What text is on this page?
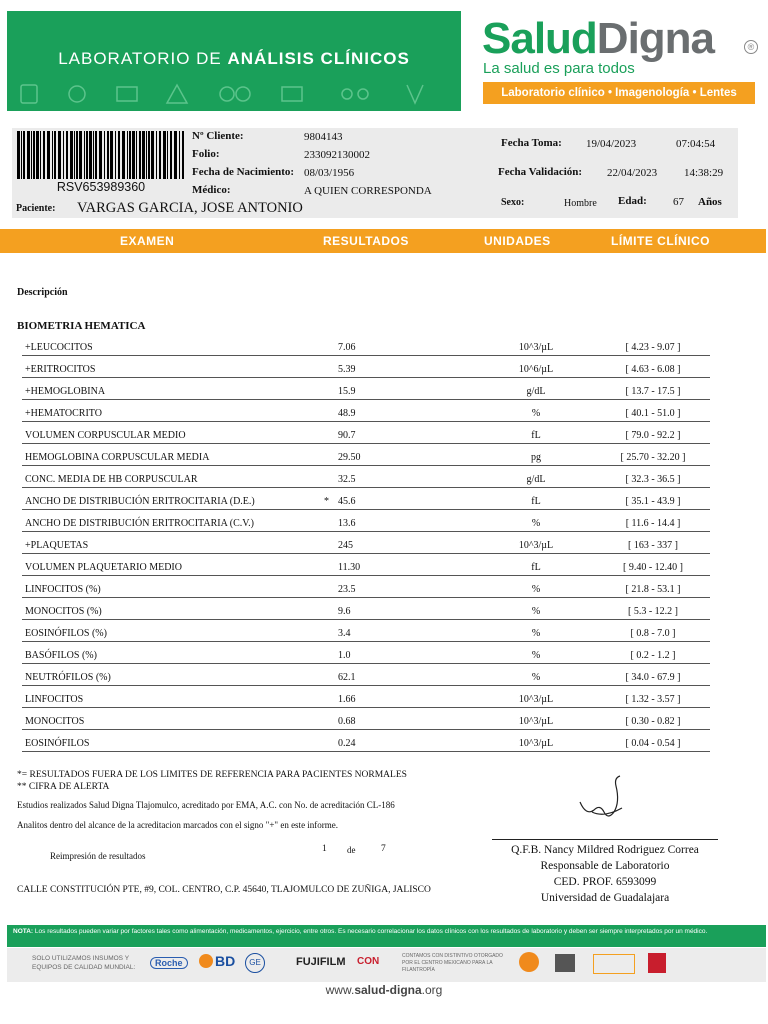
LABORATORIO DE ANÁLISIS CLÍNICOS	SaludDigna	®
La salud es para todos
Laboratorio clínico • Imagenología • Lentes
RSV653989360
Nº Cliente:	9804143
Folio:	233092130002
Fecha de Nacimiento: 08/03/1956
Médico:	A QUIEN CORRESPONDA
Paciente: VARGAS GARCIA, JOSE ANTONIO
Fecha Toma: 19/04/2023	07:04:54
Fecha Validación: 22/04/2023 14:38:29
Sexo:	Hombre Edad: 67 Años
EXAMEN	RESULTADOS	UNIDADES	LÍMITE CLÍNICO
Descripción
BIOMETRIA HEMATICA
+LEUCOCITOS	7.06	10^3/µL	[ 4.23 - 9.07 ]
+ERITROCITOS	5.39	10^6/µL	[ 4.63 - 6.08 ]
+HEMOGLOBINA	15.9	g/dL	[ 13.7 - 17.5 ]
+HEMATOCRITO	48.9	%	[ 40.1 - 51.0 ]
VOLUMEN CORPUSCULAR MEDIO	90.7	fL	[ 79.0 - 92.2 ]
HEMOGLOBINA CORPUSCULAR MEDIA	29.50	pg	[ 25.70 - 32.20 ]
CONC. MEDIA DE HB CORPUSCULAR	32.5	g/dL	[ 32.3 - 36.5 ]
ANCHO DE DISTRIBUCIÓN ERITROCITARIA (D.E.)	* 45.6	fL	[ 35.1 - 43.9 ]
ANCHO DE DISTRIBUCIÓN ERITROCITARIA (C.V.)	13.6	%	[ 11.6 - 14.4 ]
+PLAQUETAS	245	10^3/µL	[ 163 - 337 ]
VOLUMEN PLAQUETARIO MEDIO	11.30	fL	[ 9.40 - 12.40 ]
LINFOCITOS (%)	23.5	%	[ 21.8 - 53.1 ]
MONOCITOS (%)	9.6	%	[ 5.3 - 12.2 ]
EOSINÓFILOS (%)	3.4	%	[ 0.8 - 7.0 ]
BASÓFILOS (%)	1.0	%	[ 0.2 - 1.2 ]
NEUTRÓFILOS (%)	62.1	%	[ 34.0 - 67.9 ]
LINFOCITOS	1.66	10^3/µL	[ 1.32 - 3.57 ]
MONOCITOS	0.68	10^3/µL	[ 0.30 - 0.82 ]
EOSINÓFILOS	0.24	10^3/µL	[ 0.04 - 0.54 ]
*= RESULTADOS FUERA DE LOS LIMITES DE REFERENCIA PARA PACIENTES NORMALES
** CIFRA DE ALERTA
Estudios realizados Salud Digna Tlajomulco, acreditado por EMA, A.C. con No. de acreditación CL-186
Analitos dentro del alcance de la acreditacion marcados con el signo "+" en este informe.
Reimpresión de resultados
1 de	7
CALLE CONSTITUCIÓN PTE, #9, COL. CENTRO, C.P. 45640, TLAJOMULCO DE ZUÑIGA, JALISCO
Q.F.B. Nancy Mildred Rodriguez Correa
Responsable de Laboratorio
CED. PROF. 6593099
Universidad de Guadalajara
NOTA: Los resultados pueden variar por factores tales como alimentación, medicamentos, ejercicio, entre otros. Es necesario correlacionar los datos clínicos con los resultados de laboratorio y deben ser siempre interpretados por un médico.
SOLO UTILIZAMOS INSUMOS Y EQUIPOS DE CALIDAD MUNDIAL:	Roche	BD	GE	FUJIFILM CON	CONTAMOS CON DISTINTIVO OTORGADO POR EL CENTRO MEXICANO PARA LA FILANTROPÍA
www.salud-digna.org
